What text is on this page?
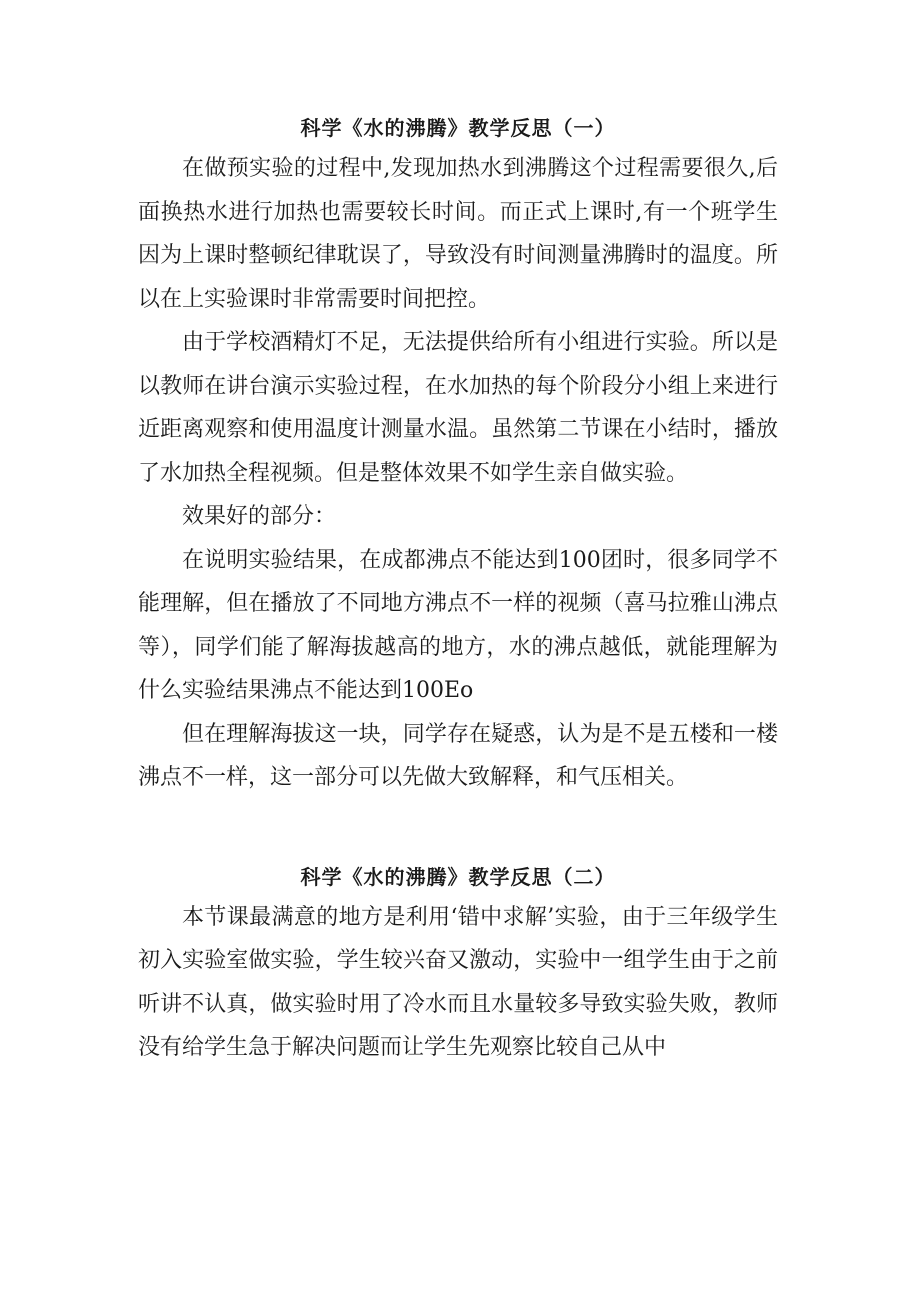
科学《水的沸腾》教学反思（一）

在做预实验的过程中,发现加热水到沸腾这个过程需要很久,后面换热水进行加热也需要较长时间。而正式上课时,有一个班学生因为上课时整顿纪律耽误了，导致没有时间测量沸腾时的温度。所以在上实验课时非常需要时间把控。

由于学校酒精灯不足，无法提供给所有小组进行实验。所以是以教师在讲台演示实验过程，在水加热的每个阶段分小组上来进行近距离观察和使用温度计测量水温。虽然第二节课在小结时，播放了水加热全程视频。但是整体效果不如学生亲自做实验。

效果好的部分：

在说明实验结果，在成都沸点不能达到100团时，很多同学不能理解，但在播放了不同地方沸点不一样的视频（喜马拉雅山沸点等），同学们能了解海拔越高的地方，水的沸点越低，就能理解为什么实验结果沸点不能达到100Eo

但在理解海拔这一块，同学存在疑惑，认为是不是五楼和一楼沸点不一样，这一部分可以先做大致解释，和气压相关。

科学《水的沸腾》教学反思（二）

本节课最满意的地方是利用‘错中求解’实验，由于三年级学生初入实验室做实验，学生较兴奋又激动，实验中一组学生由于之前听讲不认真，做实验时用了冷水而且水量较多导致实验失败，教师没有给学生急于解决问题而让学生先观察比较自己从中
